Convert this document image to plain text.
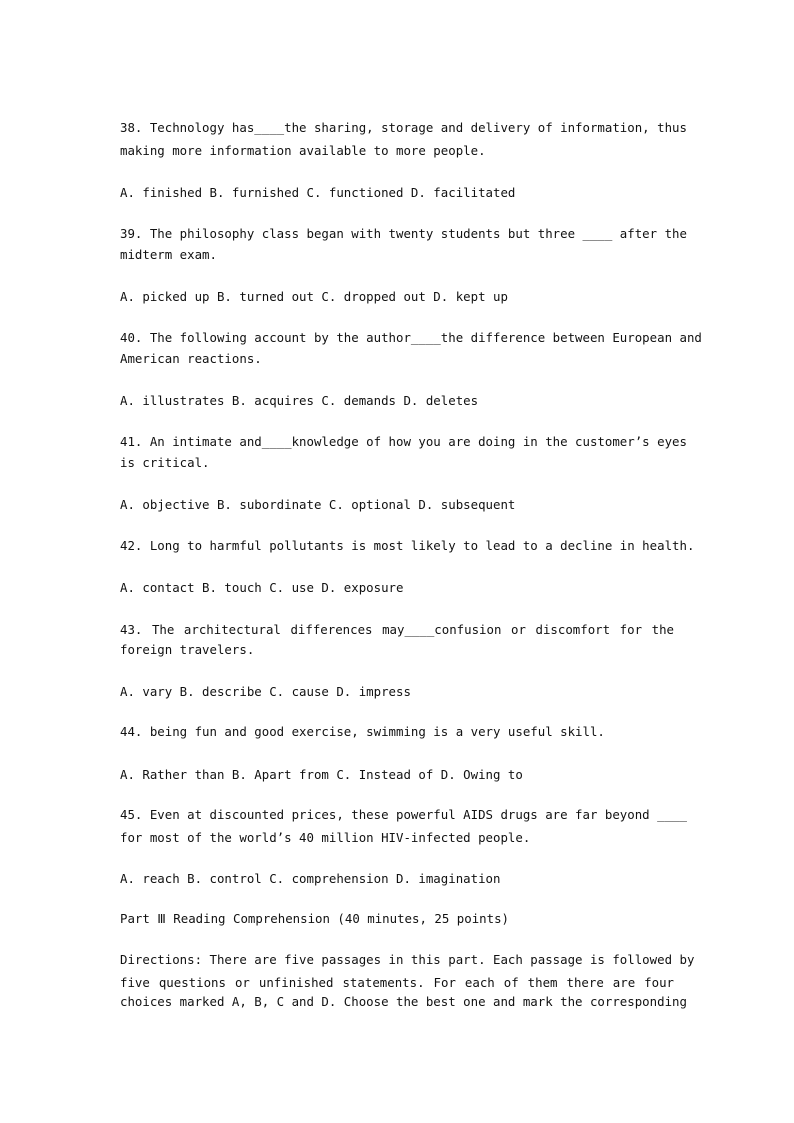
38. Technology has____the sharing, storage and delivery of information, thus
making more information available to more people.
A. finished B. furnished C. functioned D. facilitated
39. The philosophy class began with twenty students but three ____ after the
midterm exam.
A. picked up B. turned out C. dropped out D. kept up
40. The following account by the author____the difference between European and
American reactions.
A. illustrates B. acquires C. demands D. deletes
41. An intimate and____knowledge of how you are doing in the customer’s eyes
is critical.
A. objective B. subordinate C. optional D. subsequent
42. Long to harmful pollutants is most likely to lead to a decline in health.
A. contact B. touch C. use D. exposure
43. The architectural differences may____confusion or discomfort for the
foreign travelers.
A. vary B. describe C. cause D. impress
44. being fun and good exercise, swimming is a very useful skill.
A. Rather than B. Apart from C. Instead of D. Owing to
45. Even at discounted prices, these powerful AIDS drugs are far beyond ____
for most of the world’s 40 million HIV-infected people.
A. reach B. control C. comprehension D. imagination
Part Ⅲ Reading Comprehension (40 minutes, 25 points)
Directions: There are five passages in this part. Each passage is followed by
five questions or unfinished statements. For each of them there are four
choices marked A, B, C and D. Choose the best one and mark the corresponding
